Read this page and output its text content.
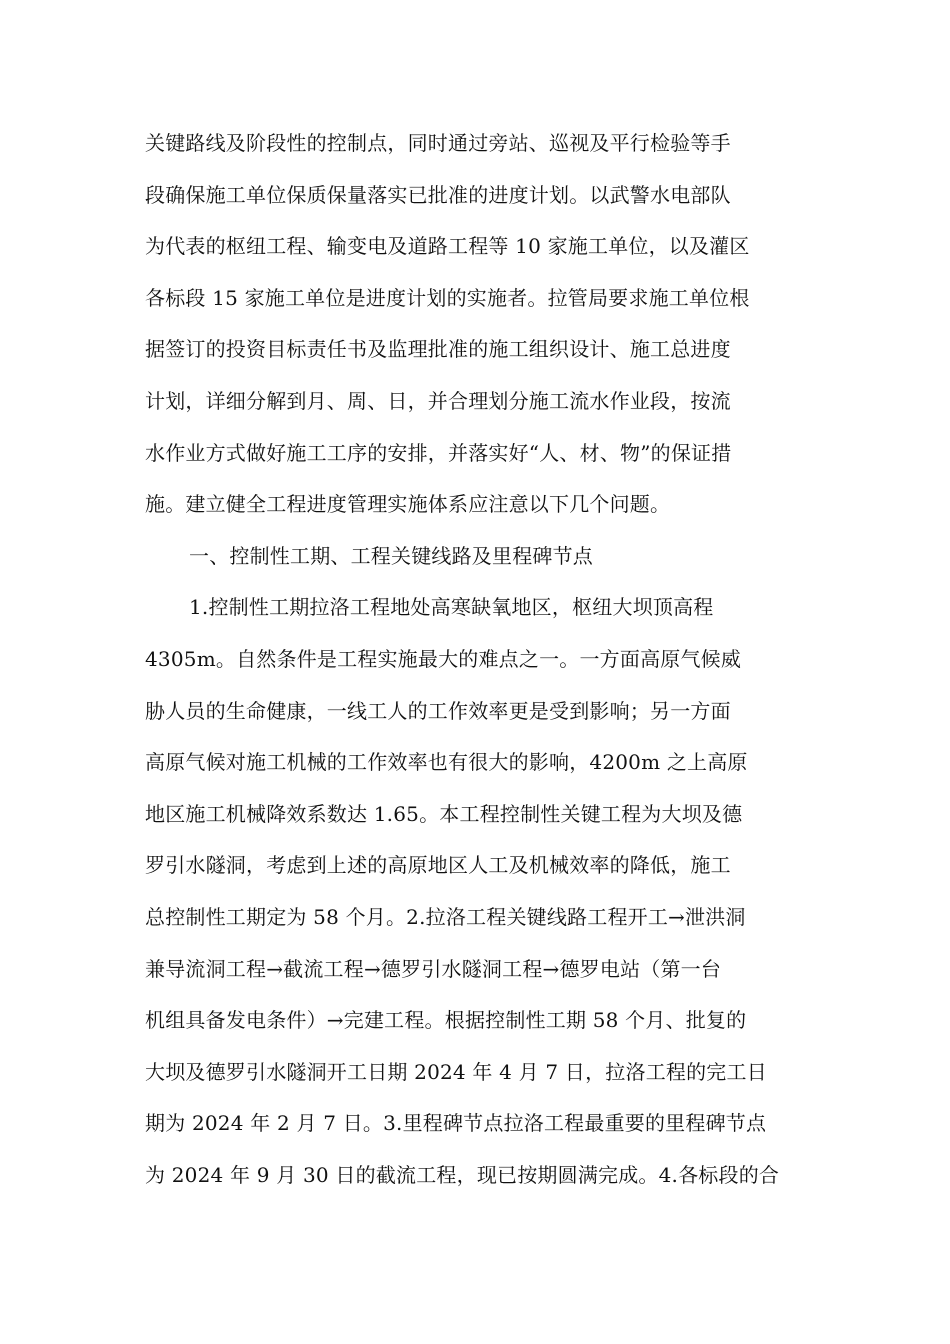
关键路线及阶段性的控制点，同时通过旁站、巡视及平行检验等手
段确保施工单位保质保量落实已批准的进度计划。以武警水电部队
为代表的枢纽工程、输变电及道路工程等 10 家施工单位，以及灌区
各标段 15 家施工单位是进度计划的实施者。拉管局要求施工单位根
据签订的投资目标责任书及监理批准的施工组织设计、施工总进度
计划，详细分解到月、周、日，并合理划分施工流水作业段，按流
水作业方式做好施工工序的安排，并落实好“人、材、物”的保证措
施。建立健全工程进度管理实施体系应注意以下几个问题。
一、控制性工期、工程关键线路及里程碑节点
1.控制性工期拉洛工程地处高寒缺氧地区，枢纽大坝顶高程
4305m。自然条件是工程实施最大的难点之一。一方面高原气候威
胁人员的生命健康，一线工人的工作效率更是受到影响；另一方面
高原气候对施工机械的工作效率也有很大的影响，4200m 之上高原
地区施工机械降效系数达 1.65。本工程控制性关键工程为大坝及德
罗引水隧洞，考虑到上述的高原地区人工及机械效率的降低，施工
总控制性工期定为 58 个月。2.拉洛工程关键线路工程开工→泄洪洞
兼导流洞工程→截流工程→德罗引水隧洞工程→德罗电站（第一台
机组具备发电条件）→完建工程。根据控制性工期 58 个月、批复的
大坝及德罗引水隧洞开工日期 2024 年 4 月 7 日，拉洛工程的完工日
期为 2024 年 2 月 7 日。3.里程碑节点拉洛工程最重要的里程碑节点
为 2024 年 9 月 30 日的截流工程，现已按期圆满完成。4.各标段的合
